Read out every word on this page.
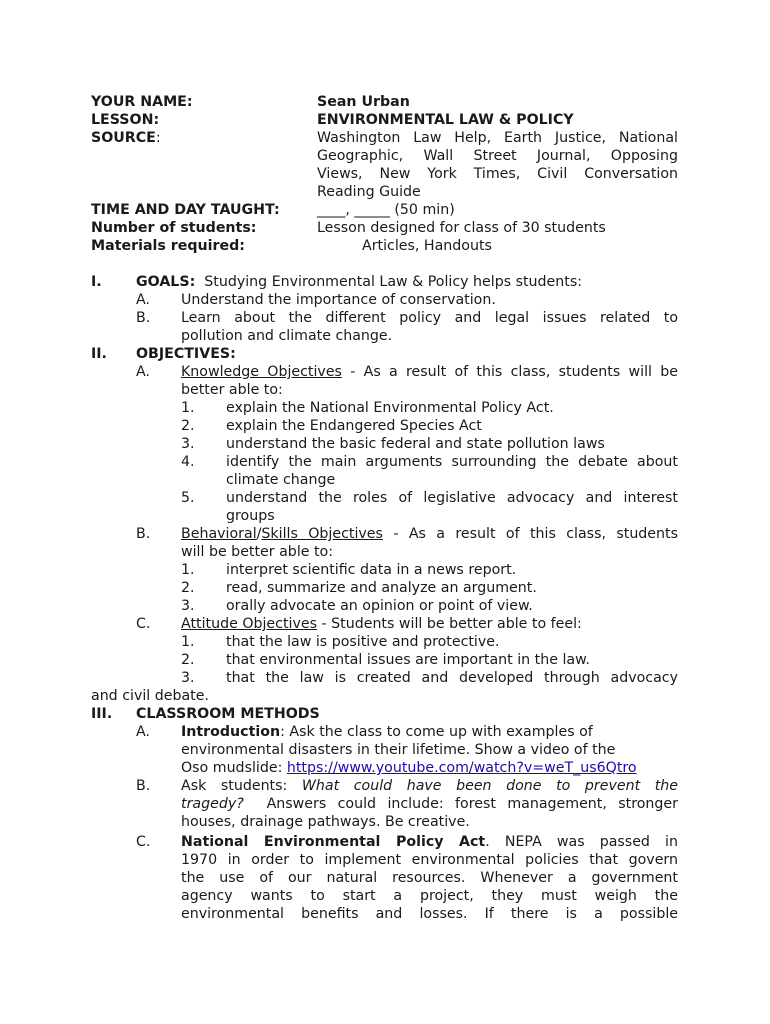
YOUR NAME:	Sean Urban
LESSON:	ENVIRONMENTAL LAW & POLICY
SOURCE:	Washington Law Help, Earth Justice, National
Geographic, Wall Street Journal, Opposing
Views, New York Times, Civil Conversation
Reading Guide
TIME AND DAY TAUGHT:	____, _____ (50 min)
Number of students:	Lesson designed for class of 30 students
Materials required:	Articles, Handouts
I. GOALS: Studying Environmental Law & Policy helps students:
A. Understand the importance of conservation.
B. Learn about the different policy and legal issues related to
pollution and climate change.
II. OBJECTIVES:
A. Knowledge Objectives - As a result of this class, students will be
better able to:
1. explain the National Environmental Policy Act.
2. explain the Endangered Species Act
3. understand the basic federal and state pollution laws
4. identify the main arguments surrounding the debate about
climate change
5. understand the roles of legislative advocacy and interest
groups
B. Behavioral/Skills Objectives - As a result of this class, students
will be better able to:
1. interpret scientific data in a news report.
2. read, summarize and analyze an argument.
3. orally advocate an opinion or point of view.
C. Attitude Objectives - Students will be better able to feel:
1. that the law is positive and protective.
2. that environmental issues are important in the law.
3. that the law is created and developed through advocacy
and civil debate.
III. CLASSROOM METHODS
A. Introduction: Ask the class to come up with examples of
environmental disasters in their lifetime. Show a video of the
Oso mudslide: https://www.youtube.com/watch?v=weT_us6Qtro
B. Ask students: What could have been done to prevent the
tragedy? Answers could include: forest management, stronger
houses, drainage pathways. Be creative.
C. National Environmental Policy Act. NEPA was passed in
1970 in order to implement environmental policies that govern
the use of our natural resources. Whenever a government
agency wants to start a project, they must weigh the
environmental benefits and losses. If there is a possible
